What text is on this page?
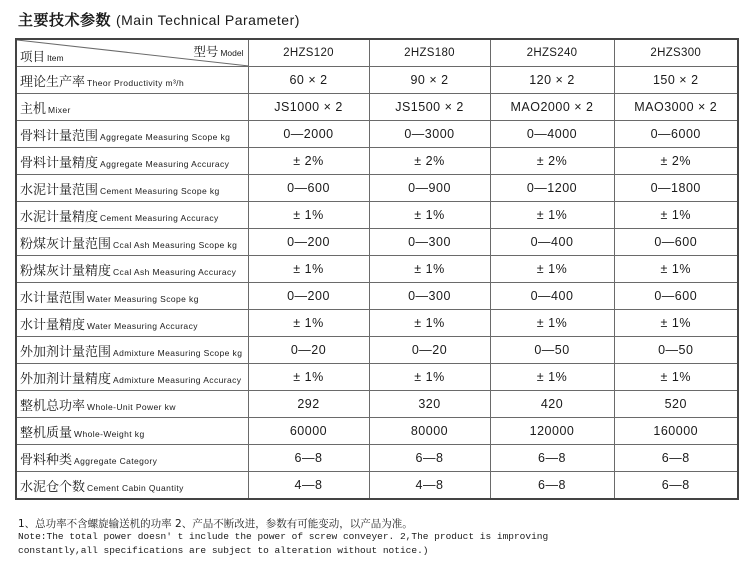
主要技术参数 (Main Technical Parameter)
型号 Model
项目 Item	2HZS120	2HZS180	2HZS240	2HZS300
理论生产率 Theor Productivity m³/h	60 × 2	90 × 2	120 × 2	150 × 2
主机 Mixer	JS1000 × 2	JS1500 × 2	MAO2000 × 2	MAO3000 × 2
骨料计量范围 Aggregate Measuring Scope kg	0—2000	0—3000	0—4000	0—6000
骨料计量精度 Aggregate Measuring Accuracy	± 2%	± 2%	± 2%	± 2%
水泥计量范围 Cement Measuring Scope kg	0—600	0—900	0—1200	0—1800
水泥计量精度 Cement Measuring Accuracy	± 1%	± 1%	± 1%	± 1%
粉煤灰计量范围 Ccal Ash Measuring Scope kg	0—200	0—300	0—400	0—600
粉煤灰计量精度 Ccal Ash Measuring Accuracy	± 1%	± 1%	± 1%	± 1%
水计量范围 Water Measuring Scope kg	0—200	0—300	0—400	0—600
水计量精度 Water Measuring Accuracy	± 1%	± 1%	± 1%	± 1%
外加剂计量范围 Admixture Measuring Scope kg	0—20	0—20	0—50	0—50
外加剂计量精度 Admixture Measuring Accuracy	± 1%	± 1%	± 1%	± 1%
整机总功率 Whole-Unit Power kw	292	320	420	520
整机质量 Whole-Weight kg	60000	80000	120000	160000
骨料种类 Aggregate Category	6—8	6—8	6—8	6—8
水泥仓个数 Cement Cabin Quantity	4—8	4—8	6—8	6—8
1、总功率不含螺旋输送机的功率 2、产品不断改进，参数有可能变动，以产品为准。
Note:The total power doesn' t include the power of screw conveyer. 2,The product is improving
constantly,all specifications are subject to alteration without notice.)
